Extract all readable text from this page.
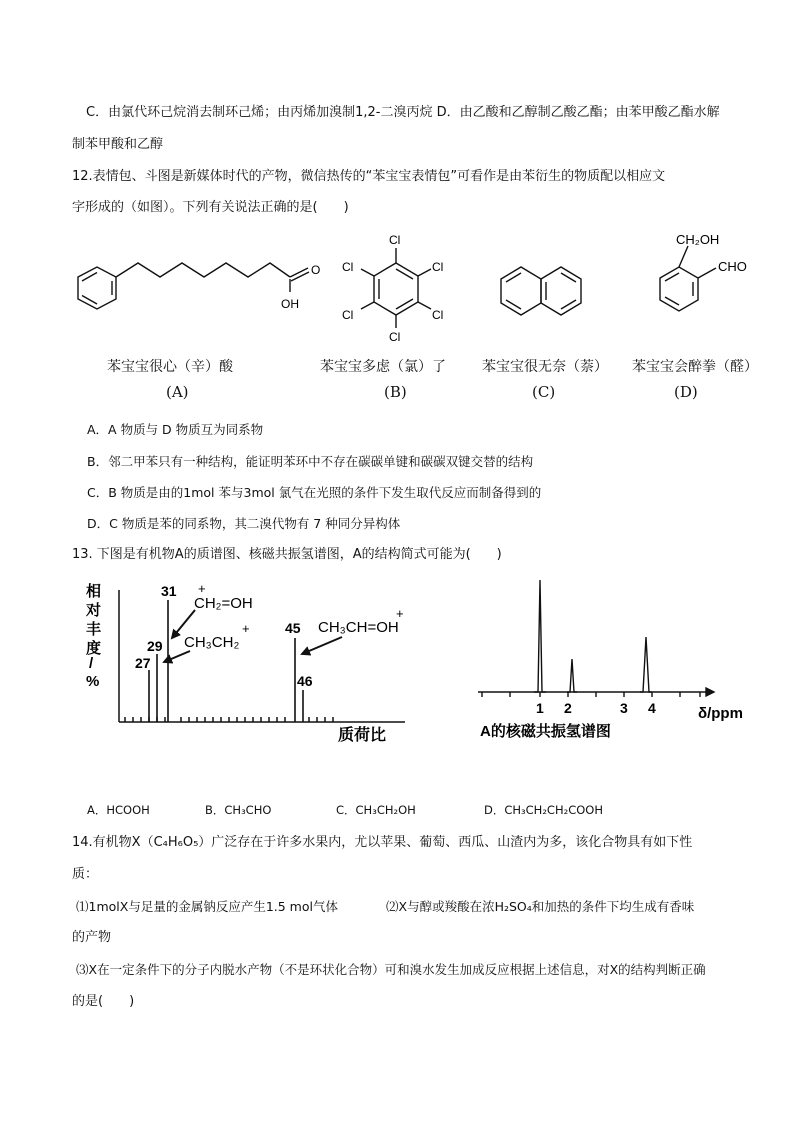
C．由氯代环己烷消去制环己烯；由丙烯加溴制1,2-二溴丙烷 D．由乙酸和乙醇制乙酸乙酯；由苯甲酸乙酯水解
制苯甲酸和乙醇
12.表情包、斗图是新媒体时代的产物，微信热传的“苯宝宝表情包”可看作是由苯衍生的物质配以相应文
字形成的（如图）。下列有关说法正确的是(　　)
O
OH
Cl
Cl
Cl
Cl
Cl
Cl
CH₂OH
CHO
苯宝宝很心（辛）酸	苯宝宝多虑（氯）了	苯宝宝很无奈（萘） 苯宝宝会醉拳（醛）
(A)	(B)	(C)	(D)
A．A 物质与 D 物质互为同系物
B．邻二甲苯只有一种结构，能证明苯环中不存在碳碳单键和碳碳双键交替的结构
C．B 物质是由的1mol 苯与3mol 氯气在光照的条件下发生取代反应而制备得到的
D．C 物质是苯的同系物，其二溴代物有 7 种同分异构体
13. 下图是有机物A的质谱图、核磁共振氢谱图，A的结构简式可能为(　　)
相
对
丰
度
/
%
31
29
27
45
46
+
CH₂=OH
+
CH₃CH₂
+
CH₃CH=OH
质荷比
1 2	3 4	δ/ppm
A的核磁共振氢谱图
A．HCOOH	B．CH₃CHO	C．CH₃CH₂OH	D．CH₃CH₂CH₂COOH
14.有机物X（C₄H₆O₅）广泛存在于许多水果内，尤以苹果、葡萄、西瓜、山渣内为多，该化合物具有如下性
质：
⑴1molX与足量的金属钠反应产生1.5 mol气体	⑵X与醇或羧酸在浓H₂SO₄和加热的条件下均生成有香味
的产物
⑶X在一定条件下的分子内脱水产物（不是环状化合物）可和溴水发生加成反应根据上述信息，对X的结构判断正确
的是(　　)
